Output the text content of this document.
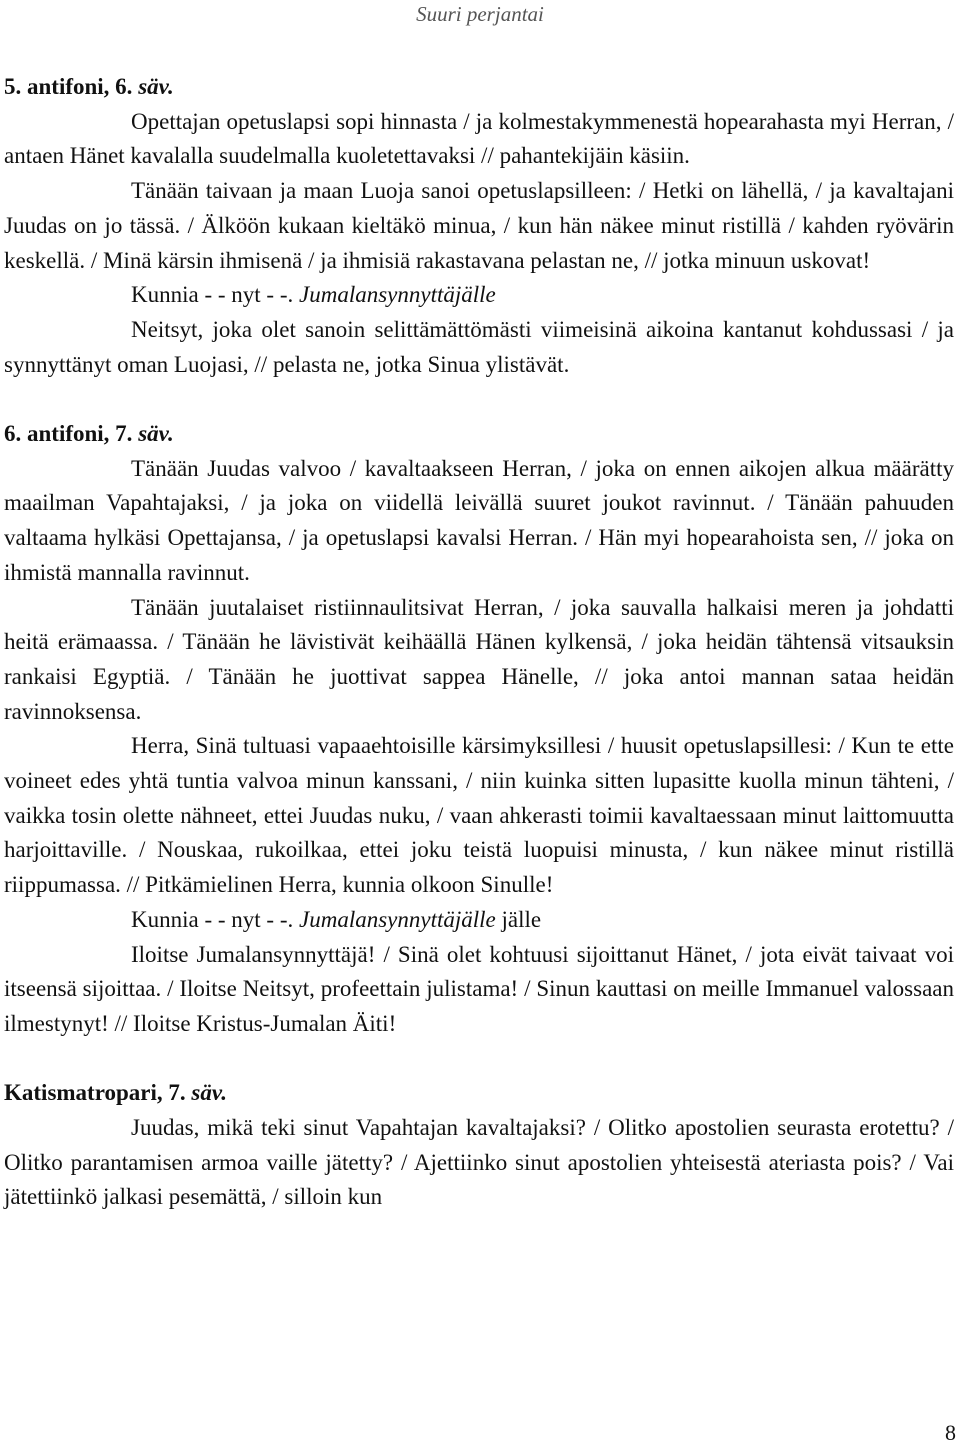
Suuri perjantai

5. antifoni, 6. säv.

Opettajan opetuslapsi sopi hinnasta / ja kolmestakymmenestä hopearahasta myi Herran, / antaen Hänet kavalalla suudelmalla kuoletettavaksi // pahantekijäin käsiin.

Tänään taivaan ja maan Luoja sanoi opetuslapsilleen: / Hetki on lähellä, / ja kavaltajani Juudas on jo tässä. / Älköön kukaan kieltäkö minua, / kun hän näkee minut ristillä / kahden ryövärin keskellä. / Minä kärsin ihmisenä / ja ihmisiä rakastavana pelastan ne, // jotka minuun uskovat!

Kunnia - - nyt - -. Jumalansynnyttäjälle

Neitsyt, joka olet sanoin selittämättömästi viimeisinä aikoina kantanut kohdussasi / ja synnyttänyt oman Luojasi, // pelasta ne, jotka Sinua ylistävät.

6. antifoni, 7. säv.

Tänään Juudas valvoo / kavaltaakseen Herran, / joka on ennen aikojen alkua määrätty maailman Vapahtajaksi, / ja joka on viidellä leivällä suuret joukot ravinnut. / Tänään pahuuden valtaama hylkäsi Opettajansa, / ja opetuslapsi kavalsi Herran. / Hän myi hopearahoista sen, // joka on ihmistä mannalla ravinnut.

Tänään juutalaiset ristiinnaulitsivat Herran, / joka sauvalla halkaisi meren ja johdatti heitä erämaassa. / Tänään he lävistivät keihäällä Hänen kylkensä, / joka heidän tähtensä vitsauksin rankaisi Egyptiä. / Tänään he juottivat sappea Hänelle, // joka antoi mannan sataa heidän ravinnoksensa.

Herra, Sinä tultuasi vapaaehtoisille kärsimyksillesi / huusit opetuslapsillesi: / Kun te ette voineet edes yhtä tuntia valvoa minun kanssani, / niin kuinka sitten lupasitte kuolla minun tähteni, / vaikka tosin olette nähneet, ettei Juudas nuku, / vaan ahkerasti toimii kavaltaessaan minut laittomuutta harjoittaville. / Nouskaa, rukoilkaa, ettei joku teistä luopuisi minusta, / kun näkee minut ristillä riippumassa. // Pitkämielinen Herra, kunnia olkoon Sinulle!

Kunnia - - nyt - -. Jumalansynnyttäjälle jälle

Iloitse Jumalansynnyttäjä! / Sinä olet kohtuusi sijoittanut Hänet, / jota eivät taivaat voi itseensä sijoittaa. / Iloitse Neitsyt, profeettain julistama! / Sinun kauttasi on meille Immanuel valossaan ilmestynyt! // Iloitse Kristus-Jumalan Äiti!

Katismatropari, 7. säv.

Juudas, mikä teki sinut Vapahtajan kavaltajaksi? / Olitko apostolien seurasta erotettu? / Olitko parantamisen armoa vaille jätetty? / Ajettiinko sinut apostolien yhteisestä ateriasta pois? / Vai jätettiinkö jalkasi pesemättä, / silloin kun

8
